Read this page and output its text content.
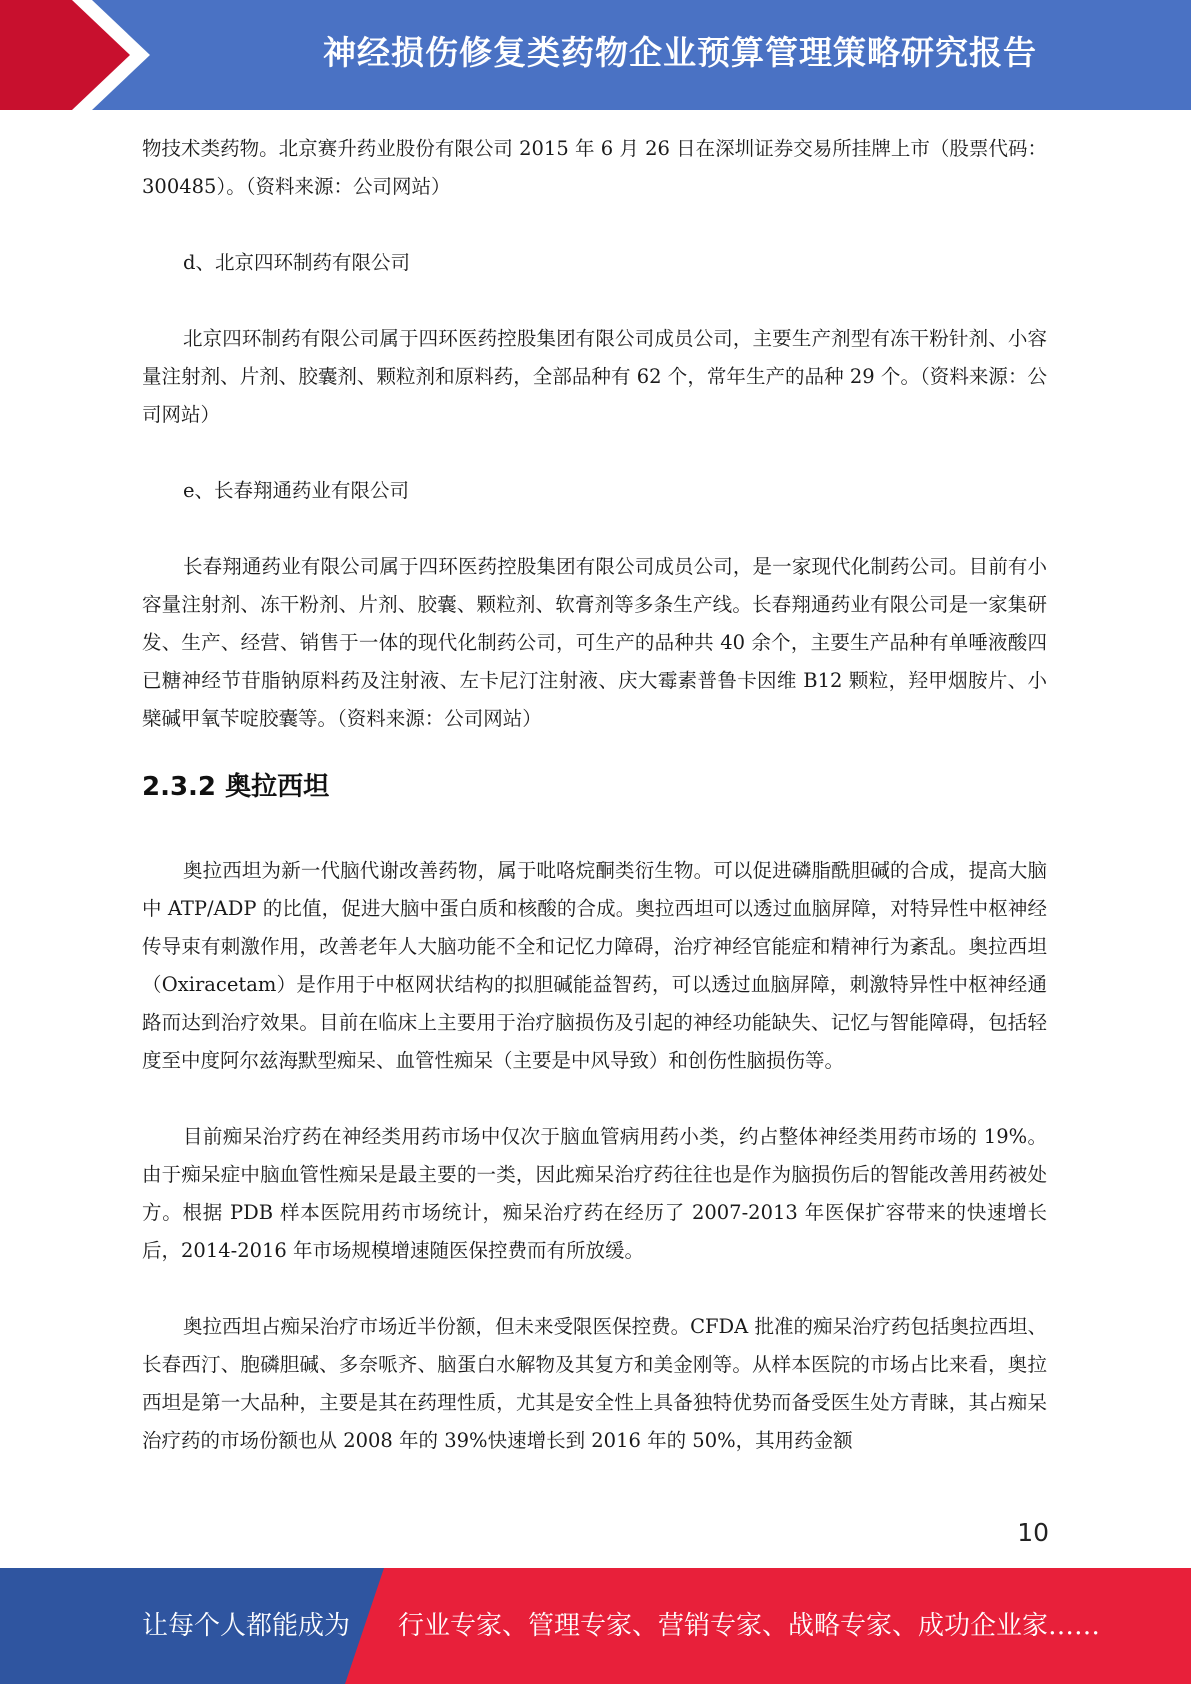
神经损伤修复类药物企业预算管理策略研究报告

物技术类药物。北京赛升药业股份有限公司 2015 年 6 月 26 日在深圳证券交易所挂牌上市（股票代码：300485）。（资料来源：公司网站）

d、北京四环制药有限公司

北京四环制药有限公司属于四环医药控股集团有限公司成员公司，主要生产剂型有冻干粉针剂、小容量注射剂、片剂、胶囊剂、颗粒剂和原料药，全部品种有 62 个，常年生产的品种 29 个。（资料来源：公司网站）

e、长春翔通药业有限公司

长春翔通药业有限公司属于四环医药控股集团有限公司成员公司，是一家现代化制药公司。目前有小容量注射剂、冻干粉剂、片剂、胶囊、颗粒剂、软膏剂等多条生产线。长春翔通药业有限公司是一家集研发、生产、经营、销售于一体的现代化制药公司，可生产的品种共 40 余个，主要生产品种有单唾液酸四已糖神经节苷脂钠原料药及注射液、左卡尼汀注射液、庆大霉素普鲁卡因维 B12 颗粒，羟甲烟胺片、小檗碱甲氧苄啶胶囊等。（资料来源：公司网站）

2.3.2 奥拉西坦

奥拉西坦为新一代脑代谢改善药物，属于吡咯烷酮类衍生物。可以促进磷脂酰胆碱的合成，提高大脑中 ATP/ADP 的比值，促进大脑中蛋白质和核酸的合成。奥拉西坦可以透过血脑屏障，对特异性中枢神经传导束有刺激作用，改善老年人大脑功能不全和记忆力障碍，治疗神经官能症和精神行为紊乱。奥拉西坦（Oxiracetam）是作用于中枢网状结构的拟胆碱能益智药，可以透过血脑屏障，刺激特异性中枢神经通路而达到治疗效果。目前在临床上主要用于治疗脑损伤及引起的神经功能缺失、记忆与智能障碍，包括轻度至中度阿尔兹海默型痴呆、血管性痴呆（主要是中风导致）和创伤性脑损伤等。

目前痴呆治疗药在神经类用药市场中仅次于脑血管病用药小类，约占整体神经类用药市场的 19%。由于痴呆症中脑血管性痴呆是最主要的一类，因此痴呆治疗药往往也是作为脑损伤后的智能改善用药被处方。根据 PDB 样本医院用药市场统计，痴呆治疗药在经历了 2007-2013 年医保扩容带来的快速增长后，2014-2016 年市场规模增速随医保控费而有所放缓。

奥拉西坦占痴呆治疗市场近半份额，但未来受限医保控费。CFDA 批准的痴呆治疗药包括奥拉西坦、长春西汀、胞磷胆碱、多奈哌齐、脑蛋白水解物及其复方和美金刚等。从样本医院的市场占比来看，奥拉西坦是第一大品种，主要是其在药理性质，尤其是安全性上具备独特优势而备受医生处方青睐，其占痴呆治疗药的市场份额也从 2008 年的 39%快速增长到 2016 年的 50%，其用药金额

10
让每个人都能成为 行业专家、管理专家、营销专家、战略专家、成功企业家……
